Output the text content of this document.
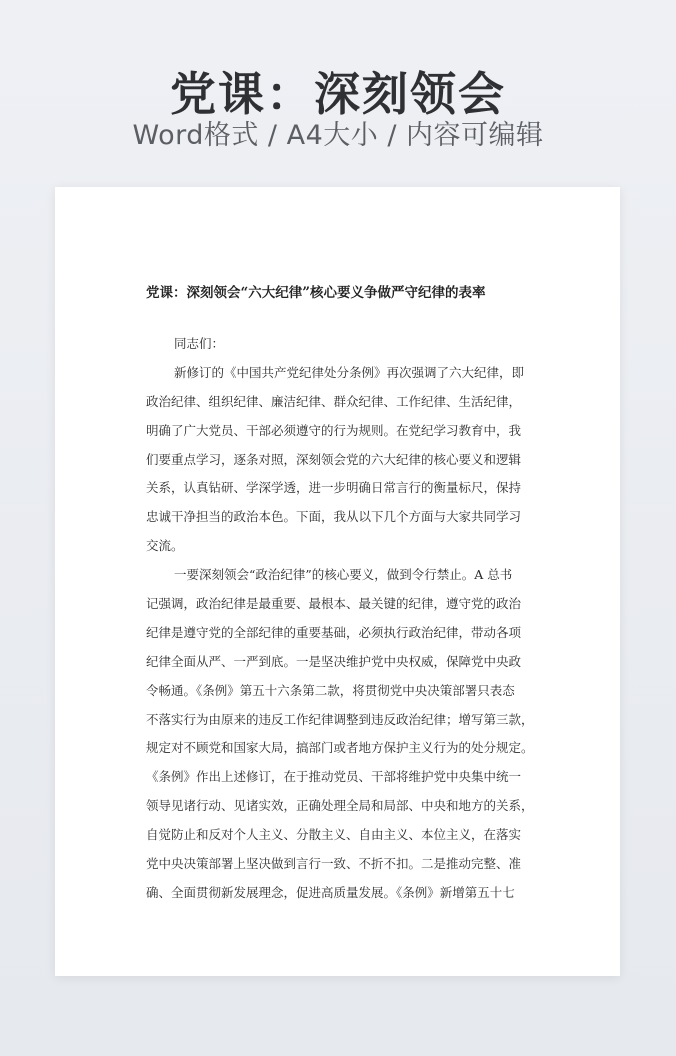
党课：深刻领会
Word格式 / A4大小 / 内容可编辑
党课：深刻领会“六大纪律”核心要义争做严守纪律的表率
同志们：
新修订的《中国共产党纪律处分条例》再次强调了六大纪律，即
政治纪律、组织纪律、廉洁纪律、群众纪律、工作纪律、生活纪律，
明确了广大党员、干部必须遵守的行为规则。在党纪学习教育中，我
们要重点学习，逐条对照，深刻领会党的六大纪律的核心要义和逻辑
关系，认真钻研、学深学透，进一步明确日常言行的衡量标尺，保持
忠诚干净担当的政治本色。下面，我从以下几个方面与大家共同学习
交流。
一要深刻领会“政治纪律”的核心要义，做到令行禁止。A 总书
记强调，政治纪律是最重要、最根本、最关键的纪律，遵守党的政治
纪律是遵守党的全部纪律的重要基础，必须执行政治纪律，带动各项
纪律全面从严、一严到底。一是坚决维护党中央权威，保障党中央政
令畅通。《条例》第五十六条第二款，将贯彻党中央决策部署只表态
不落实行为由原来的违反工作纪律调整到违反政治纪律；增写第三款，
规定对不顾党和国家大局，搞部门或者地方保护主义行为的处分规定。
《条例》作出上述修订，在于推动党员、干部将维护党中央集中统一
领导见诸行动、见诸实效，正确处理全局和局部、中央和地方的关系，
自觉防止和反对个人主义、分散主义、自由主义、本位主义，在落实
党中央决策部署上坚决做到言行一致、不折不扣。二是推动完整、准
确、全面贯彻新发展理念，促进高质量发展。《条例》新增第五十七
